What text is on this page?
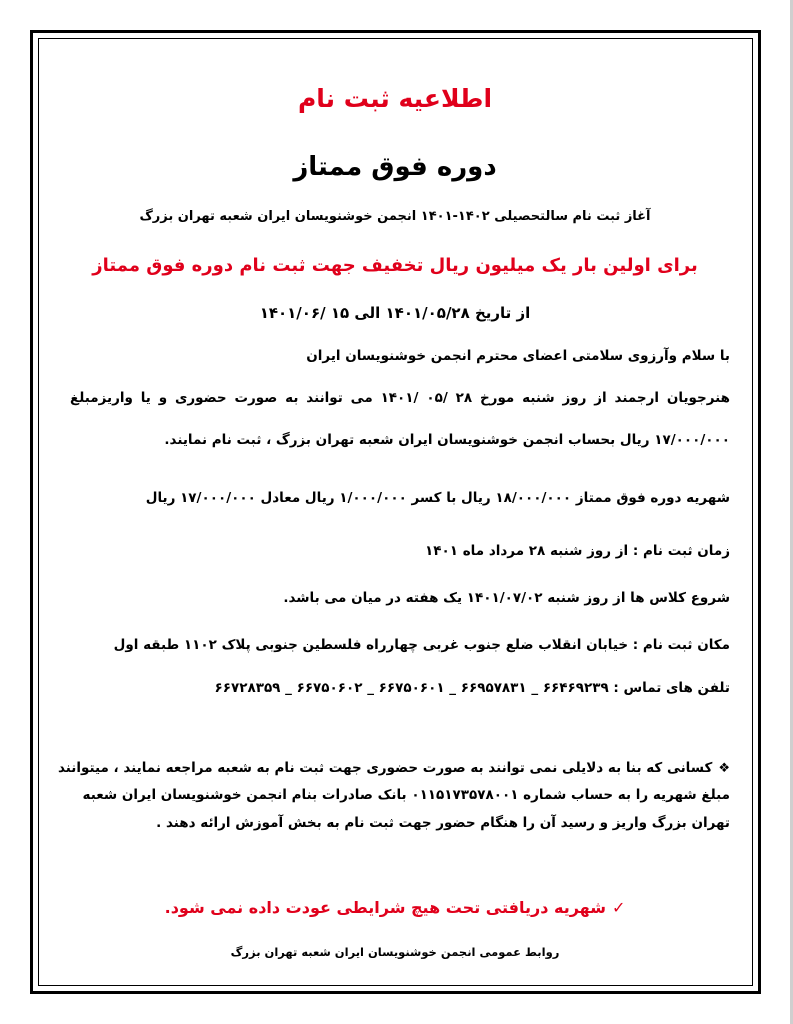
اطلاعیه ثبت نام
دوره فوق ممتاز
آغاز ثبت نام سالتحصیلی ۱۴۰۲-۱۴۰۱ انجمن خوشنویسان ایران شعبه تهران بزرگ
برای اولین بار یک میلیون ریال تخفیف جهت ثبت نام دوره فوق ممتاز
از تاریخ ۱۴۰۱/۰۵/۲۸ الی ۱۵ /۱۴۰۱/۰۶
با سلام وآرزوی سلامتی اعضای محترم انجمن خوشنویسان ایران
هنرجویان ارجمند از روز شنبه مورخ ۲۸ /۰۵ /۱۴۰۱ می توانند به صورت حضوری و یا واریزمبلغ
۱۷/۰۰۰/۰۰۰ ریال بحساب انجمن خوشنویسان ایران شعبه تهران بزرگ ، ثبت نام نمایند.
شهریه دوره فوق ممتاز ۱۸/۰۰۰/۰۰۰ ریال با کسر ۱/۰۰۰/۰۰۰ ریال معادل ۱۷/۰۰۰/۰۰۰ ریال
زمان ثبت نام : از روز شنبه ۲۸ مرداد ماه ۱۴۰۱
شروع کلاس ها از روز شنبه ۱۴۰۱/۰۷/۰۲ یک هفته در میان می باشد.
مکان ثبت نام : خیابان انقلاب ضلع جنوب غربی چهارراه فلسطین جنوبی پلاک ۱۱۰۲ طبقه اول
تلفن های تماس : ۶۶۴۶۹۲۳۹ _ ۶۶۹۵۷۸۳۱ _ ۶۶۷۵۰۶۰۱ _ ۶۶۷۵۰۶۰۲ _ ۶۶۷۲۸۳۵۹
❖کسانی که بنا به دلایلی نمی توانند به صورت حضوری جهت ثبت نام به شعبه مراجعه نمایند ، میتوانند
مبلغ شهریه را به حساب شماره ۰۱۱۵۱۷۳۵۷۸۰۰۱ بانک صادرات بنام انجمن خوشنویسان ایران شعبه
تهران بزرگ واریز و رسید آن را هنگام حضور جهت ثبت نام به بخش آموزش ارائه دهند .
✓شهریه دریافتی تحت هیچ شرایطی عودت داده نمی شود.
روابط عمومی انجمن خوشنویسان ایران شعبه تهران بزرگ
